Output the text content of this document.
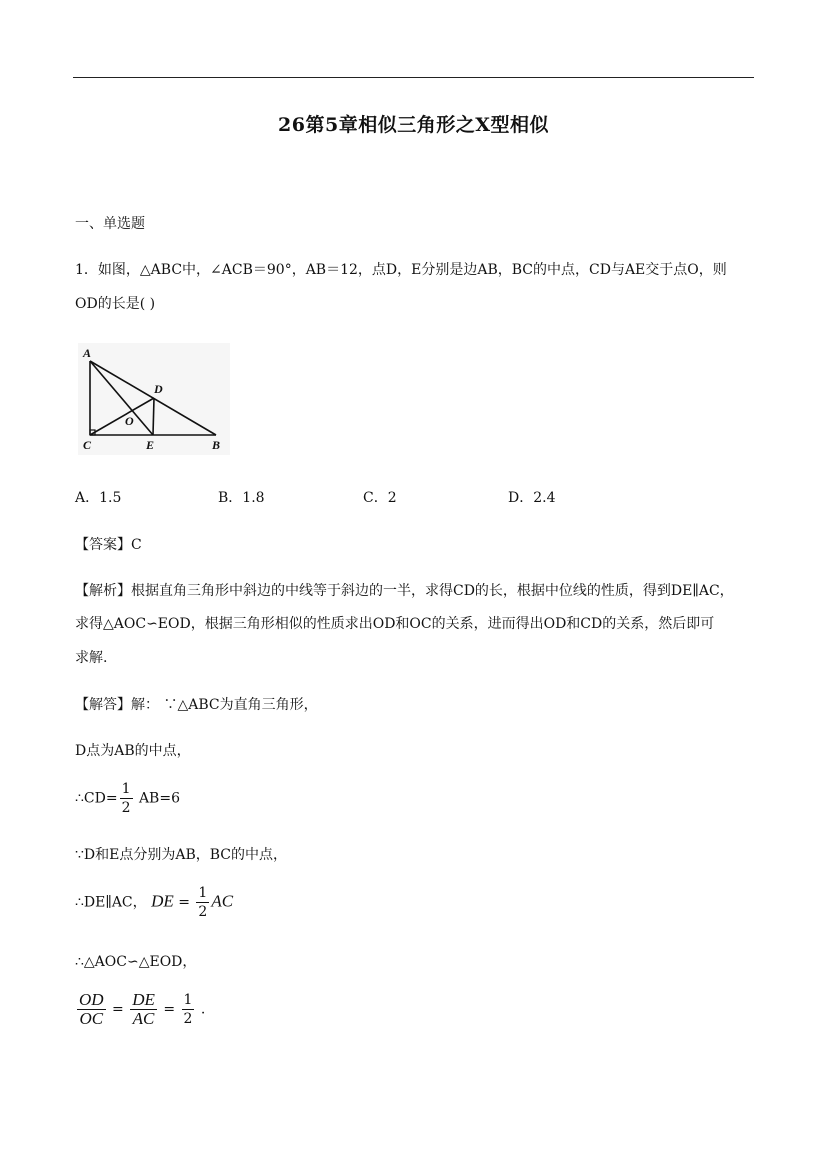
26第5章相似三角形之X型相似
一、单选题
1．如图，△ABC中，∠ACB＝90°，AB＝12，点D，E分别是边AB，BC的中点，CD与AE交于点O，则
OD的长是( )
A
C	E	B
D
O
A．1.5	B．1.8	C．2	D．2.4
【答案】C
【解析】根据直角三角形中斜边的中线等于斜边的一半，求得CD的长，根据中位线的性质，得到DE∥AC，
求得△AOC∽EOD，根据三角形相似的性质求出OD和OC的关系，进而得出OD和CD的关系，然后即可
求解.
【解答】解： ∵△ABC为直角三角形，
D点为AB的中点，
∴CD= $\frac{1}{2} AB=6$
∵D和E点分别为AB，BC的中点，
∴DE∥AC， DE = $\frac{1}{2}$ AC
∴△AOC∽△EOD，
$\frac{OD}{OC} = \frac{DE}{AC} = \frac{1}{2}$ .
